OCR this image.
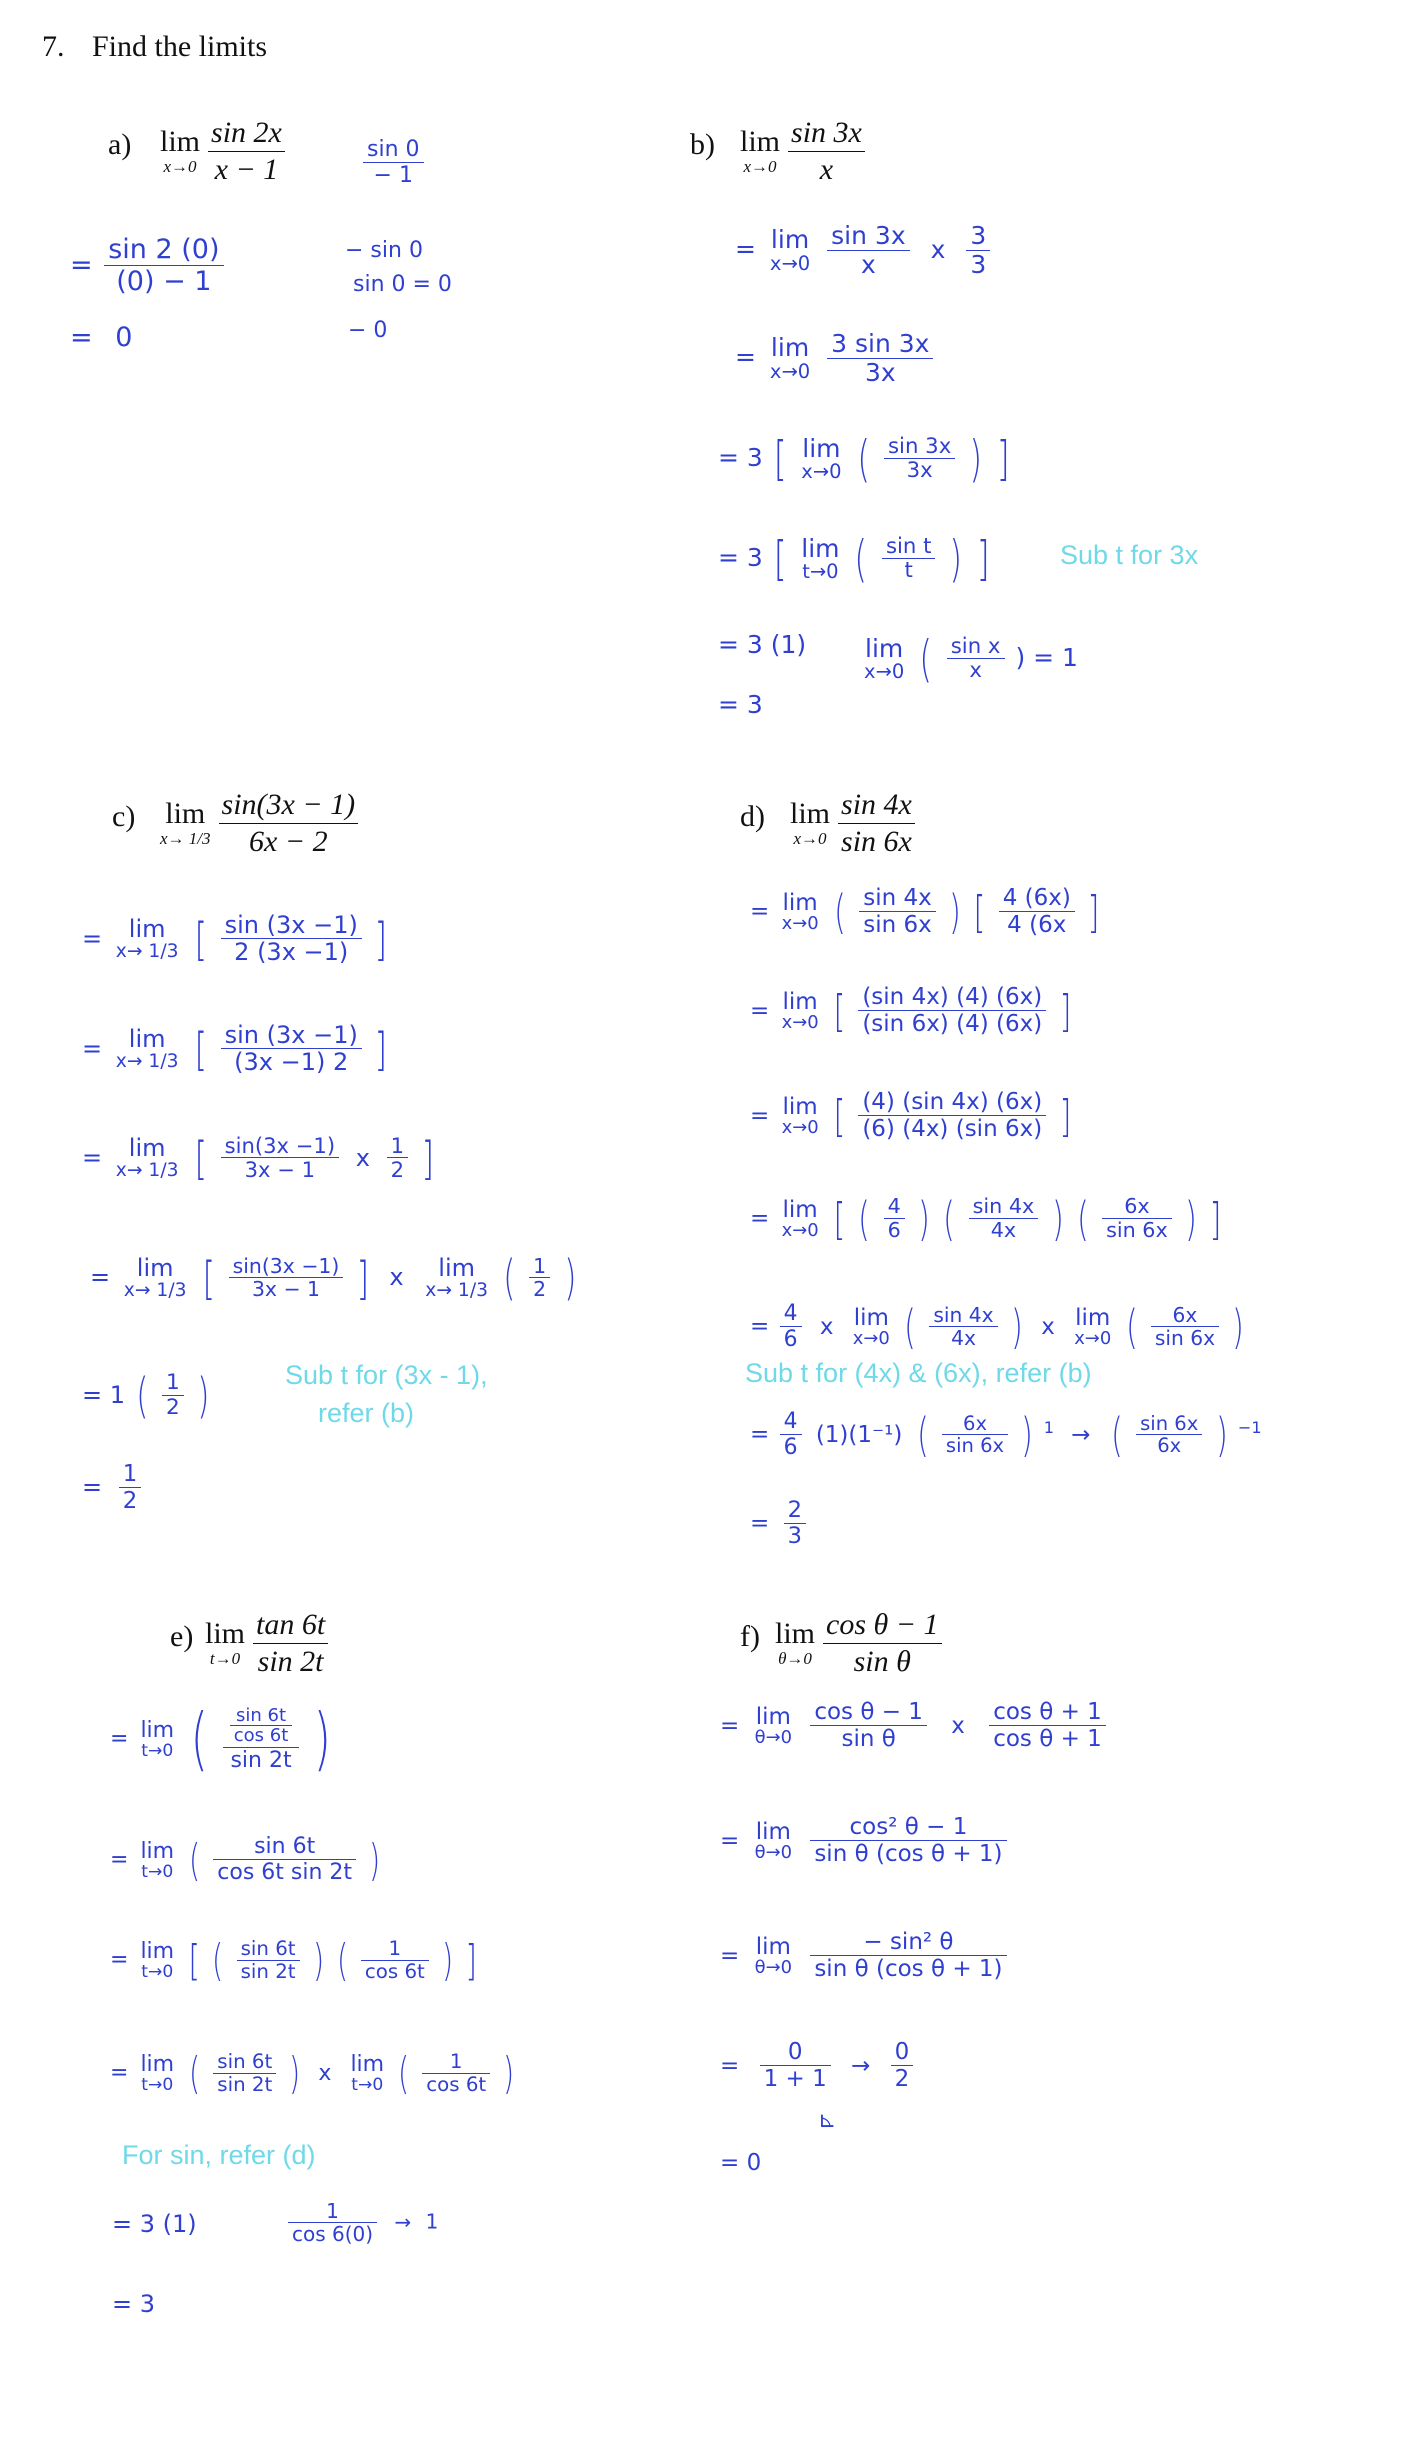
7. Find the limits
a) lim
x→0
$\frac{\sin 2x}{x - 1}$
= $\frac{\sin 2 (0)}{(0) - 1}$
= 0
$\frac{\sin 0}{- 1}$
− sin 0
sin 0 = 0
− 0
b) lim
x→0
$\frac{\sin 3x}{x}$
= lim
x→0
$\frac{\sin 3x}{x}$ x $\frac{3}{3}$
= lim
x→0
$\frac{3 \sin 3x}{3x}$
= 3 [ lim
x→0 ( $\frac{\sin 3x}{3x}$ ) ]
= 3 [ lim
t→0 ( $\frac{\text{sin t}}{t}$ ) ]	Sub t for 3x
= 3 (1) lim
x→0 ( $\frac{\text{sin x}}{x}$ ) = 1
= 3
c) lim
x→ 1/3
$\frac{\sin(3x - 1)}{6x - 2}$
=	lim
x→ 1/3 [ $\frac{\sin (3x -1)}{2 (3x -1)}$ ]
=	lim
x→ 1/3 [ $\frac{\sin (3x -1)}{(3x -1) 2}$ ]
=	lim
x→ 1/3 [ $\frac{\sin(3x -1)}{3x - 1}$ x $\frac{1}{2}$ ]
=	lim
x→ 1/3 [ $\frac{\sin(3x -1)}{3x - 1}$ ] x	lim
x→ 1/3 ( $\frac{1}{2}$ )
= 1 ( $\frac{1}{2}$ )	Sub t for (3x - 1),
refer (b)
= $\frac{1}{2}$
d) lim
x→0
$\frac{\sin 4x}{\sin 6x}$
= lim
x→0 ( $\frac{\sin 4x}{\sin 6x}$ ) [ $\frac{4 (6x)}{4 (6x}$ ]
= lim
x→0 [ $\frac{(\sin 4x) (4) (6x)}{(\sin 6x) (4) (6x)}$ ]
= lim
x→0 [ $\frac{(4) (\sin 4x) (6x)}{(6) (4x) (\sin 6x)}$ ]
= lim
x→0 [ ( $\frac{4}{6}$ ) ( $\frac{\sin 4x}{4x}$ ) ( $\frac{6x}{\sin 6x}$ ) ]
= $\frac{4}{6}$ x lim
x→0 ( $\frac{\sin 4x}{4x}$ ) x lim
x→0 ( $\frac{6x}{\sin 6x}$ )
Sub t for (4x) & (6x), refer (b)
= $\frac{4}{6} (1)(1^{-1})$ ( $\frac{6x}{\sin 6x}$ ) $^1$ → ( $\frac{\sin 6x}{6x}$ ) $^{-1}$
= $\frac{2}{3}$
e) lim
t→0
$\frac{\tan 6t}{\sin 2t}$
= lim
t→0 ( $\frac{\frac{\sin 6t}{\cos 6t}}{\sin 2t}$ )
= lim
t→0 ( $\frac{\sin 6t}{\text{cos 6t sin 2t}}$ )
= lim
t→0 [ ( $\frac{\sin 6t}{\sin 2t}$ ) ( $\frac{1}{\cos 6t}$ ) ]
= lim
t→0 ( $\frac{\sin 6t}{\sin 2t}$ ) x lim
t→0 ( $\frac{1}{\cos 6t}$ )
For sin, refer (d)
= 3 (1)	$\frac{1}{\cos 6(0)} \to 1$
= 3
f) lim
θ→0
$\frac{\text{cos θ − 1}}{\text{sin θ}}$
= lim
θ→0
$\frac{\text{cos θ − 1}}{\text{sin θ}}$ x $\frac{\text{cos θ + 1}}{\text{cos θ + 1}}$
= lim
θ→0
$\frac{\text{cos² θ − 1}}{\text{sin θ (cos θ + 1)}}$
= lim
θ→0
$\frac{\text{− sin² θ}}{\text{sin θ (cos θ + 1)}}$
= $\frac{0}{1 + 1} \to \frac{0}{2}$
⊾
= 0
